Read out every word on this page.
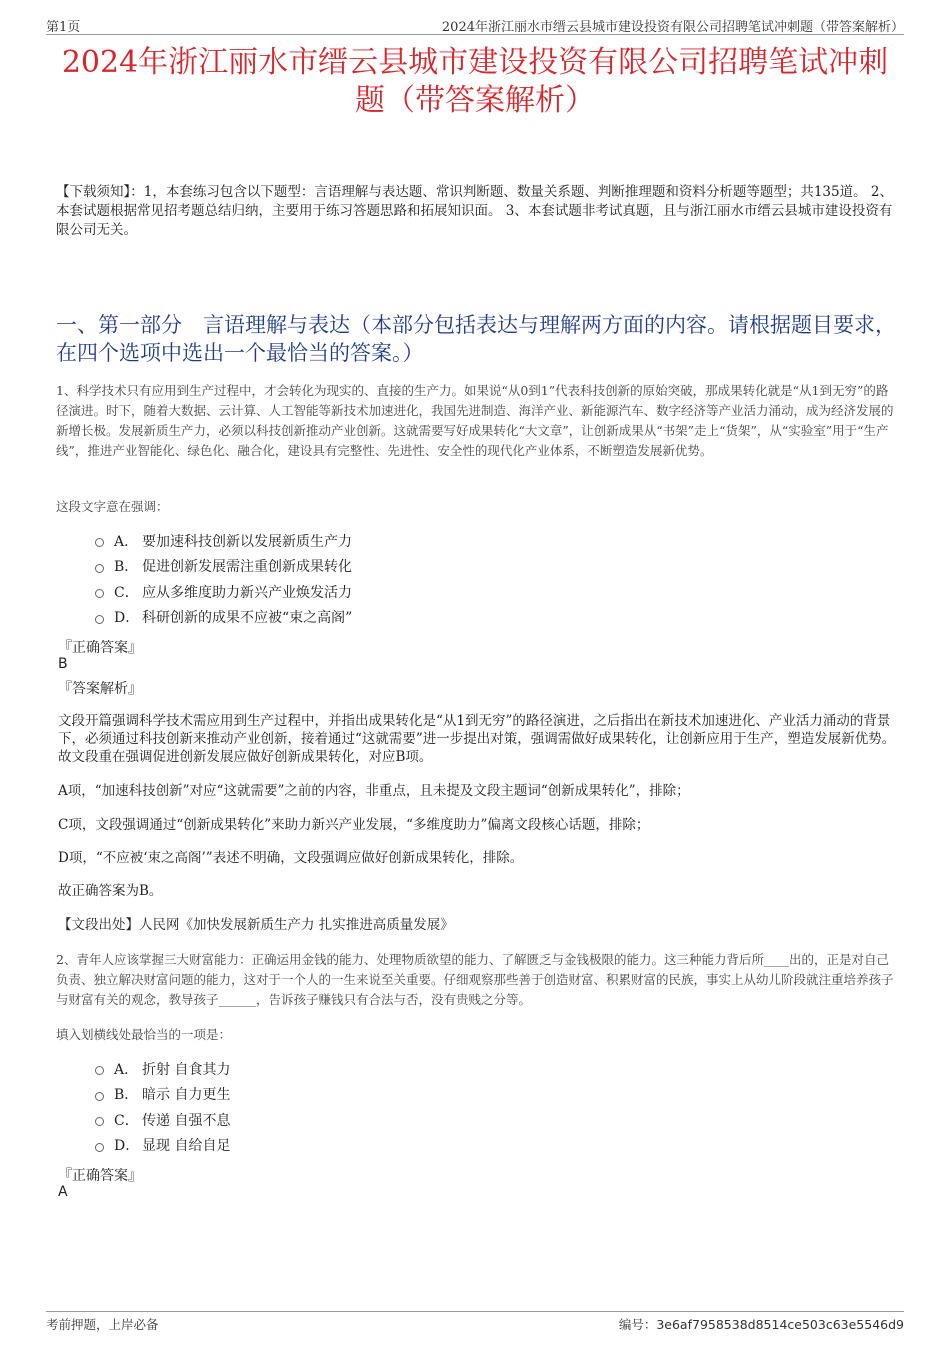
第1页	2024年浙江丽水市缙云县城市建设投资有限公司招聘笔试冲刺题（带答案解析）
2024年浙江丽水市缙云县城市建设投资有限公司招聘笔试冲刺题（带答案解析）
【下载须知】：1，本套练习包含以下题型：言语理解与表达题、常识判断题、数量关系题、判断推理题和资料分析题等题型；共135道。 2、本套试题根据常见招考题总结归纳，主要用于练习答题思路和拓展知识面。 3、本套试题非考试真题，且与浙江丽水市缙云县城市建设投资有限公司无关。
一、第一部分　言语理解与表达（本部分包括表达与理解两方面的内容。请根据题目要求，在四个选项中选出一个最恰当的答案。）
1、科学技术只有应用到生产过程中，才会转化为现实的、直接的生产力。如果说“从0到1”代表科技创新的原始突破，那成果转化就是“从1到无穷”的路径演进。时下，随着大数据、云计算、人工智能等新技术加速进化，我国先进制造、海洋产业、新能源汽车、数字经济等产业活力涌动，成为经济发展的新增长极。发展新质生产力，必须以科技创新推动产业创新。这就需要写好成果转化“大文章”，让创新成果从“书架”走上“货架”，从“实验室”用于“生产线”，推进产业智能化、绿色化、融合化，建设具有完整性、先进性、安全性的现代化产业体系，不断塑造发展新优势。
这段文字意在强调：
A． 要加速科技创新以发展新质生产力
B． 促进创新发展需注重创新成果转化
C． 应从多维度助力新兴产业焕发活力
D． 科研创新的成果不应被“束之高阁”
『正确答案』
B
『答案解析』
文段开篇强调科学技术需应用到生产过程中，并指出成果转化是“从1到无穷”的路径演进，之后指出在新技术加速进化、产业活力涌动的背景下，必须通过科技创新来推动产业创新，接着通过“这就需要”进一步提出对策，强调需做好成果转化，让创新应用于生产，塑造发展新优势。故文段重在强调促进创新发展应做好创新成果转化，对应B项。
A项，“加速科技创新”对应“这就需要”之前的内容，非重点，且未提及文段主题词“创新成果转化”，排除；
C项，文段强调通过“创新成果转化”来助力新兴产业发展，“多维度助力”偏离文段核心话题，排除；
D项，“不应被‘束之高阁’”表述不明确，文段强调应做好创新成果转化，排除。
故正确答案为B。
【文段出处】人民网《加快发展新质生产力 扎实推进高质量发展》
2、青年人应该掌握三大财富能力：正确运用金钱的能力、处理物质欲望的能力、了解匮乏与金钱极限的能力。这三种能力背后所____出的，正是对自己负责、独立解决财富问题的能力，这对于一个人的一生来说至关重要。仔细观察那些善于创造财富、积累财富的民族，事实上从幼儿阶段就注重培养孩子与财富有关的观念，教导孩子______，告诉孩子赚钱只有合法与否，没有贵贱之分等。
填入划横线处最恰当的一项是：
A． 折射 自食其力
B． 暗示 自力更生
C． 传递 自强不息
D． 显现 自给自足
『正确答案』
A
考前押题，上岸必备	编号：3e6af7958538d8514ce503c63e5546d9
